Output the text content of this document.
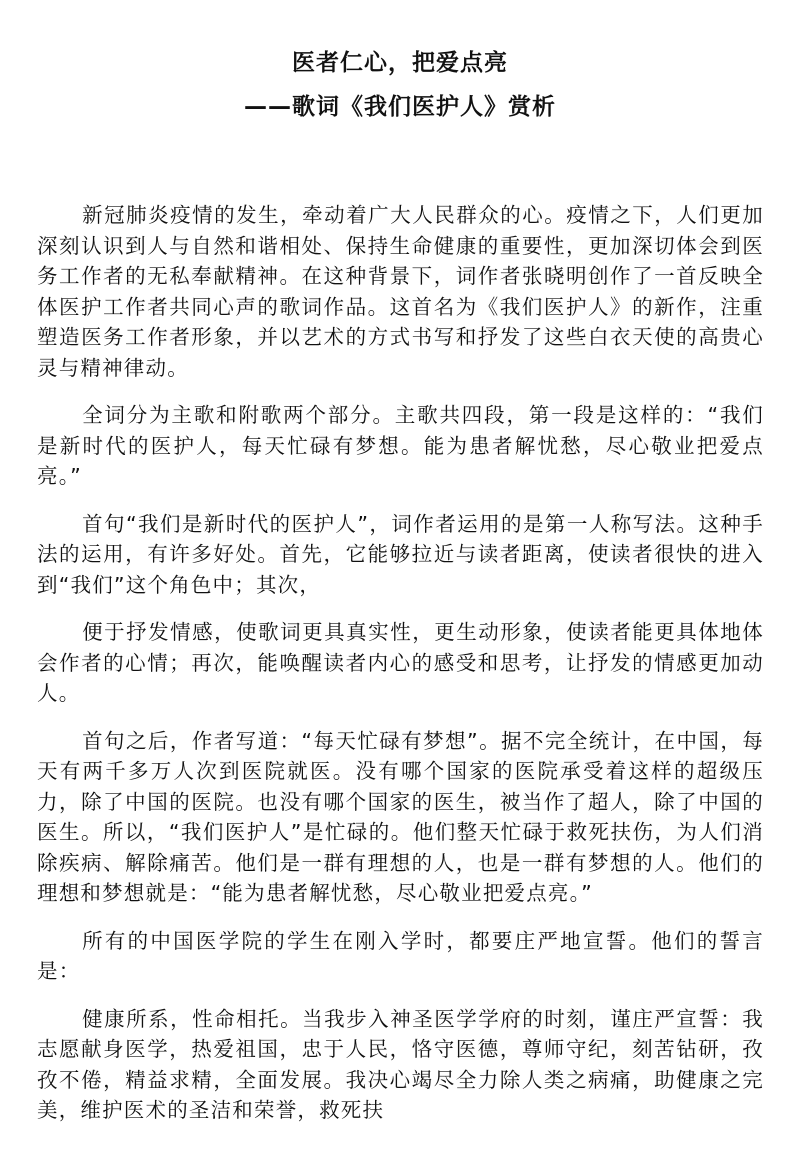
医者仁心，把爱点亮
——歌词《我们医护人》赏析

新冠肺炎疫情的发生，牵动着广大人民群众的心。疫情之下，人们更加深刻认识到人与自然和谐相处、保持生命健康的重要性，更加深切体会到医务工作者的无私奉献精神。在这种背景下，词作者张晓明创作了一首反映全体医护工作者共同心声的歌词作品。这首名为《我们医护人》的新作，注重塑造医务工作者形象，并以艺术的方式书写和抒发了这些白衣天使的高贵心灵与精神律动。

全词分为主歌和附歌两个部分。主歌共四段，第一段是这样的：“我们是新时代的医护人，每天忙碌有梦想。能为患者解忧愁，尽心敬业把爱点亮。”

首句“我们是新时代的医护人”，词作者运用的是第一人称写法。这种手法的运用，有许多好处。首先，它能够拉近与读者距离，使读者很快的进入到“我们”这个角色中；其次，

便于抒发情感，使歌词更具真实性，更生动形象，使读者能更具体地体会作者的心情；再次，能唤醒读者内心的感受和思考，让抒发的情感更加动人。

首句之后，作者写道：“每天忙碌有梦想”。据不完全统计，在中国，每天有两千多万人次到医院就医。没有哪个国家的医院承受着这样的超级压力，除了中国的医院。也没有哪个国家的医生，被当作了超人，除了中国的医生。所以，“我们医护人”是忙碌的。他们整天忙碌于救死扶伤，为人们消除疾病、解除痛苦。他们是一群有理想的人，也是一群有梦想的人。他们的理想和梦想就是：“能为患者解忧愁，尽心敬业把爱点亮。”

所有的中国医学院的学生在刚入学时，都要庄严地宣誓。他们的誓言是：

健康所系，性命相托。当我步入神圣医学学府的时刻，谨庄严宣誓：我志愿献身医学，热爱祖国，忠于人民，恪守医德，尊师守纪，刻苦钻研，孜孜不倦，精益求精，全面发展。我决心竭尽全力除人类之病痛，助健康之完美，维护医术的圣洁和荣誉，救死扶
